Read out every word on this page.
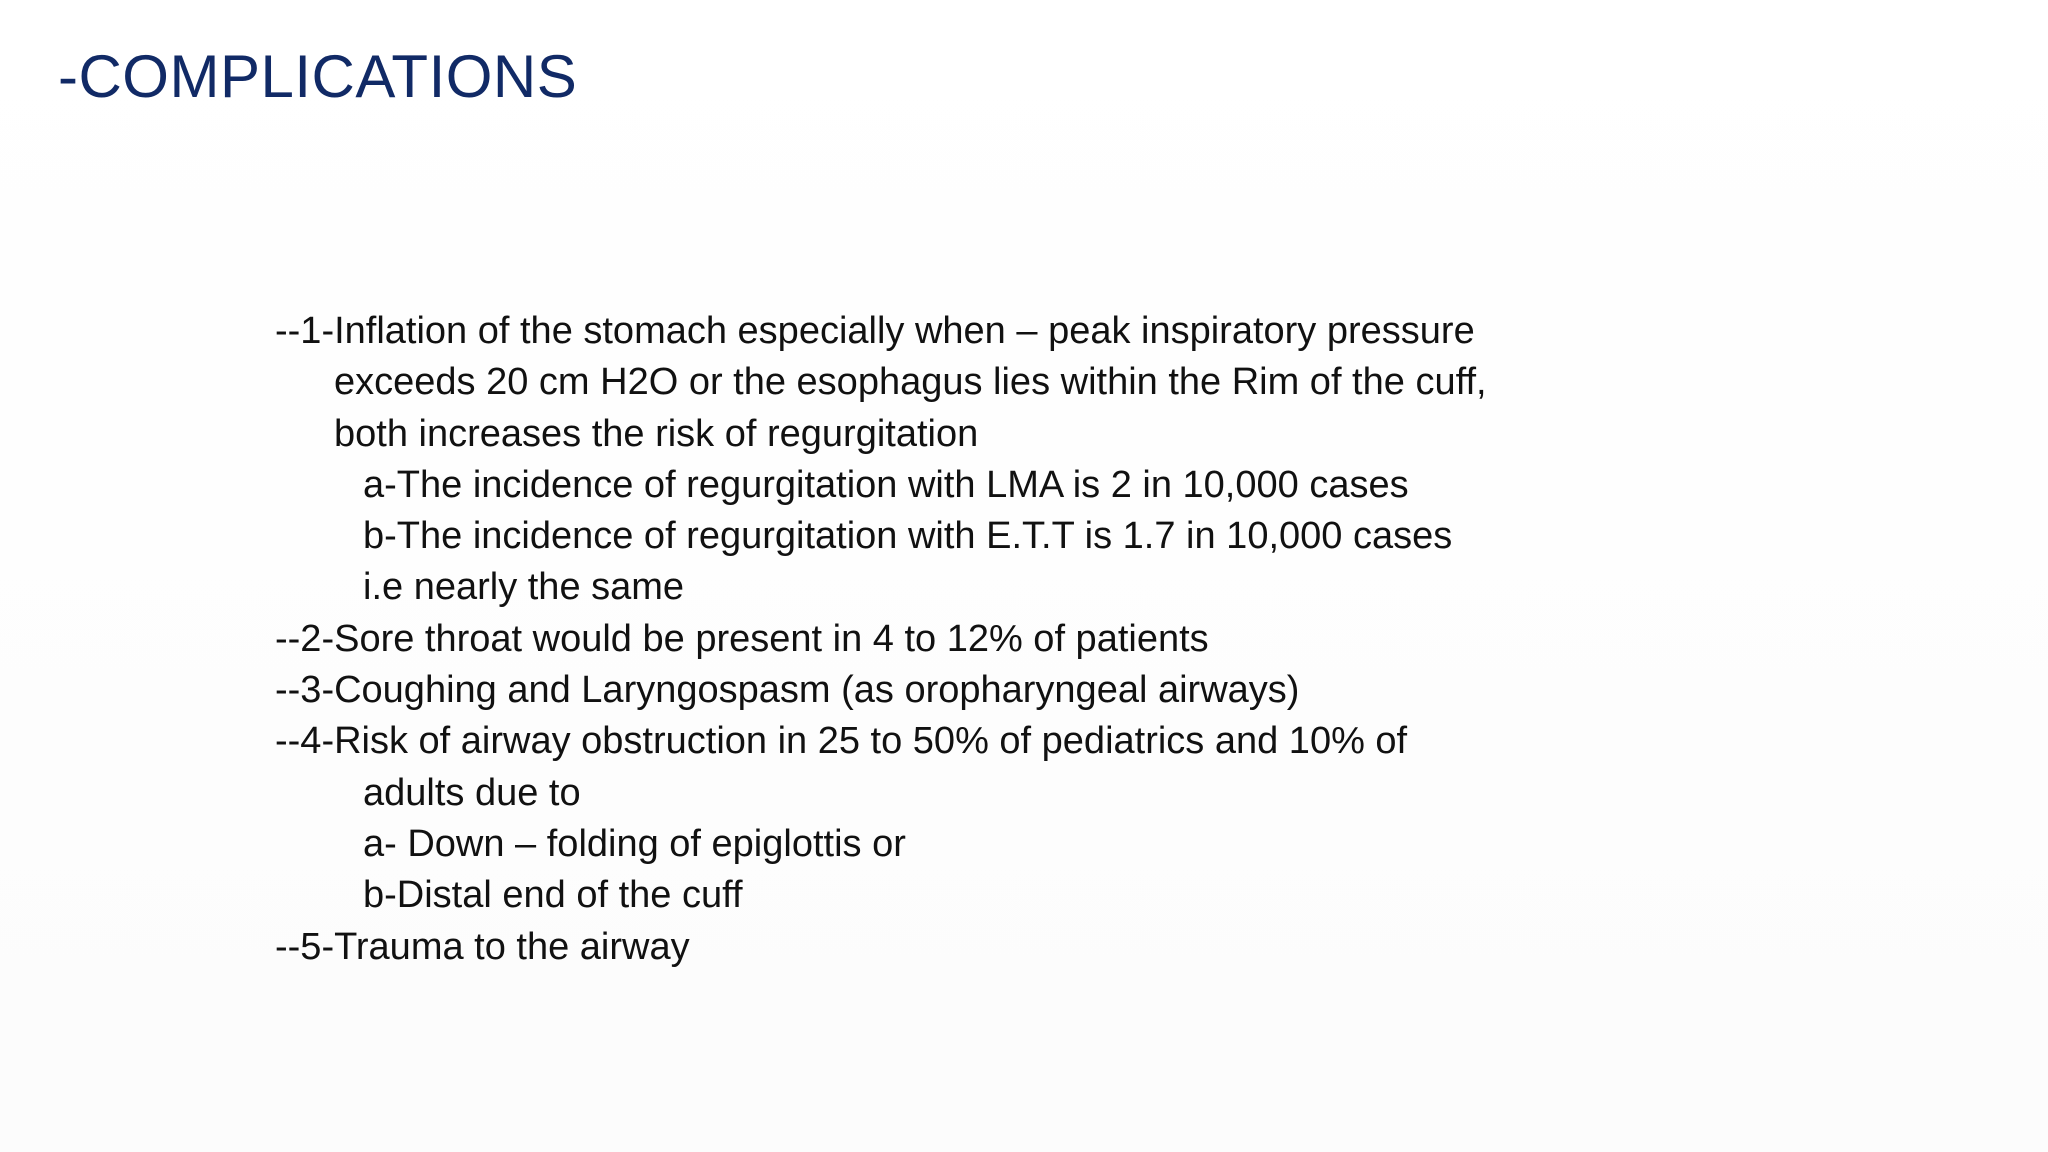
-COMPLICATIONS

--1-Inflation of the stomach especially when – peak inspiratory pressure

exceeds 20 cm H2O or the esophagus lies within the Rim of the cuff,

both increases the risk of regurgitation

a-The incidence of regurgitation with LMA is 2 in 10,000 cases

b-The incidence of regurgitation with E.T.T is 1.7 in 10,000 cases

i.e nearly the same

--2-Sore throat would be present in 4 to 12% of patients

--3-Coughing and Laryngospasm (as oropharyngeal airways)

--4-Risk of airway obstruction in 25 to 50% of pediatrics and 10% of

adults due to

a- Down – folding of epiglottis or

b-Distal end of the cuff

--5-Trauma to the airway
